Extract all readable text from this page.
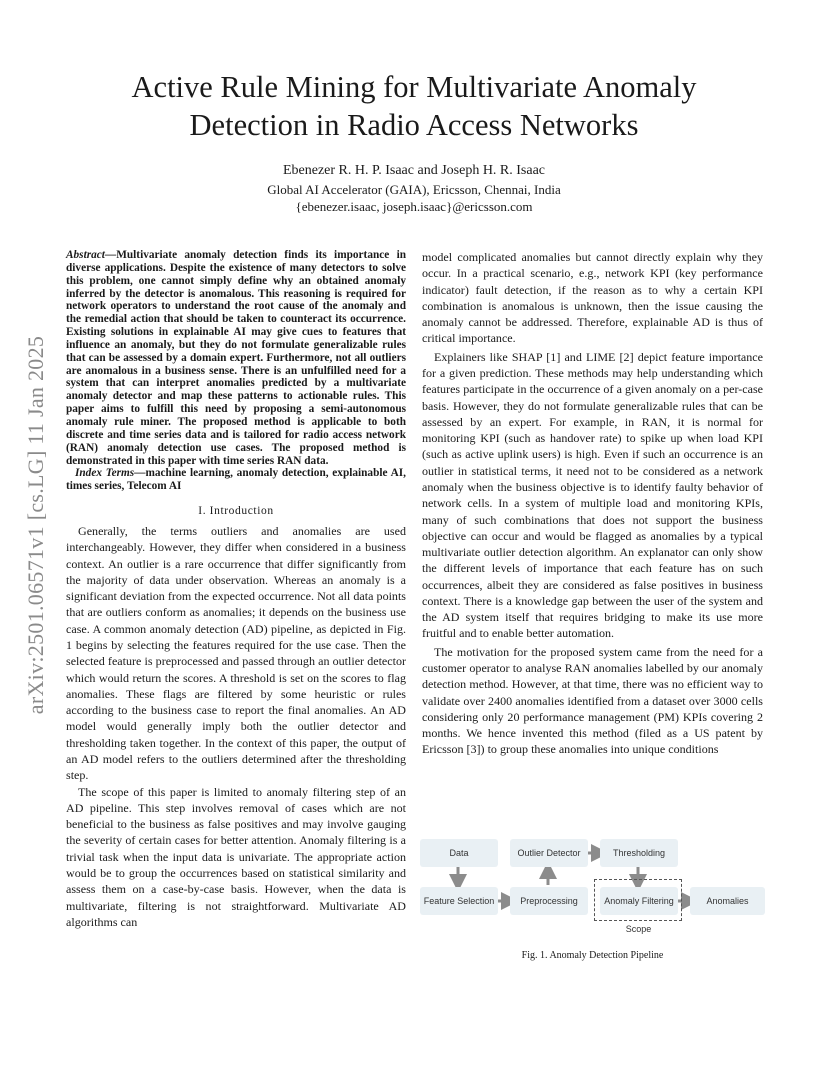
arXiv:2501.06571v1 [cs.LG] 11 Jan 2025
Active Rule Mining for Multivariate Anomaly
Detection in Radio Access Networks
Ebenezer R. H. P. Isaac and Joseph H. R. Isaac
Global AI Accelerator (GAIA), Ericsson, Chennai, India
{ebenezer.isaac, joseph.isaac}@ericsson.com

Abstract—Multivariate anomaly detection finds its importance in diverse applications. Despite the existence of many detectors to solve this problem, one cannot simply define why an obtained anomaly inferred by the detector is anomalous. This reasoning is required for network operators to understand the root cause of the anomaly and the remedial action that should be taken to counteract its occurrence. Existing solutions in explainable AI may give cues to features that influence an anomaly, but they do not formulate generalizable rules that can be assessed by a domain expert. Furthermore, not all outliers are anomalous in a business sense. There is an unfulfilled need for a system that can interpret anomalies predicted by a multivariate anomaly detector and map these patterns to actionable rules. This paper aims to fulfill this need by proposing a semi-autonomous anomaly rule miner. The proposed method is applicable to both discrete and time series data and is tailored for radio access network (RAN) anomaly detection use cases. The proposed method is demonstrated in this paper with time series RAN data.

Index Terms—machine learning, anomaly detection, explainable AI, times series, Telecom AI

I. Introduction

Generally, the terms outliers and anomalies are used interchangeably. However, they differ when considered in a business context. An outlier is a rare occurrence that differ significantly from the majority of data under observation. Whereas an anomaly is a significant deviation from the expected occurrence. Not all data points that are outliers conform as anomalies; it depends on the business use case. A common anomaly detection (AD) pipeline, as depicted in Fig. 1 begins by selecting the features required for the use case. Then the selected feature is preprocessed and passed through an outlier detector which would return the scores. A threshold is set on the scores to flag anomalies. These flags are filtered by some heuristic or rules according to the business case to report the final anomalies. An AD model would generally imply both the outlier detector and thresholding taken together. In the context of this paper, the output of an AD model refers to the outliers determined after the thresholding step.

The scope of this paper is limited to anomaly filtering step of an AD pipeline. This step involves removal of cases which are not beneficial to the business as false positives and may involve gauging the severity of certain cases for better attention. Anomaly filtering is a trivial task when the input data is univariate. The appropriate action would be to group the occurrences based on statistical similarity and assess them on a case-by-case basis. However, when the data is multivariate, filtering is not straightforward. Multivariate AD algorithms can

model complicated anomalies but cannot directly explain why they occur. In a practical scenario, e.g., network KPI (key performance indicator) fault detection, if the reason as to why a certain KPI combination is anomalous is unknown, then the issue causing the anomaly cannot be addressed. Therefore, explainable AD is thus of critical importance.

Explainers like SHAP [1] and LIME [2] depict feature importance for a given prediction. These methods may help understanding which features participate in the occurrence of a given anomaly on a per-case basis. However, they do not formulate generalizable rules that can be assessed by an expert. For example, in RAN, it is normal for monitoring KPI (such as handover rate) to spike up when load KPI (such as active uplink users) is high. Even if such an occurrence is an outlier in statistical terms, it need not to be considered as a network anomaly when the business objective is to identify faulty behavior of network cells. In a system of multiple load and monitoring KPIs, many of such combinations that does not support the business objective can occur and would be flagged as anomalies by a typical multivariate outlier detection algorithm. An explanator can only show the different levels of importance that each feature has on such occurrences, albeit they are considered as false positives in business context. There is a knowledge gap between the user of the system and the AD system itself that requires bridging to make its use more fruitful and to enable better automation.

The motivation for the proposed system came from the need for a customer operator to analyse RAN anomalies labelled by our anomaly detection method. However, at that time, there was no efficient way to validate over 2400 anomalies identified from a dataset over 3000 cells considering only 20 performance management (PM) KPIs covering 2 months. We hence invented this method (filed as a US patent by Ericsson [3]) to group these anomalies into unique conditions

Data	Outlier Detector	Thresholding
Feature Selection	Preprocessing	Anomaly Filtering	Anomalies
Scope
Fig. 1. Anomaly Detection Pipeline
